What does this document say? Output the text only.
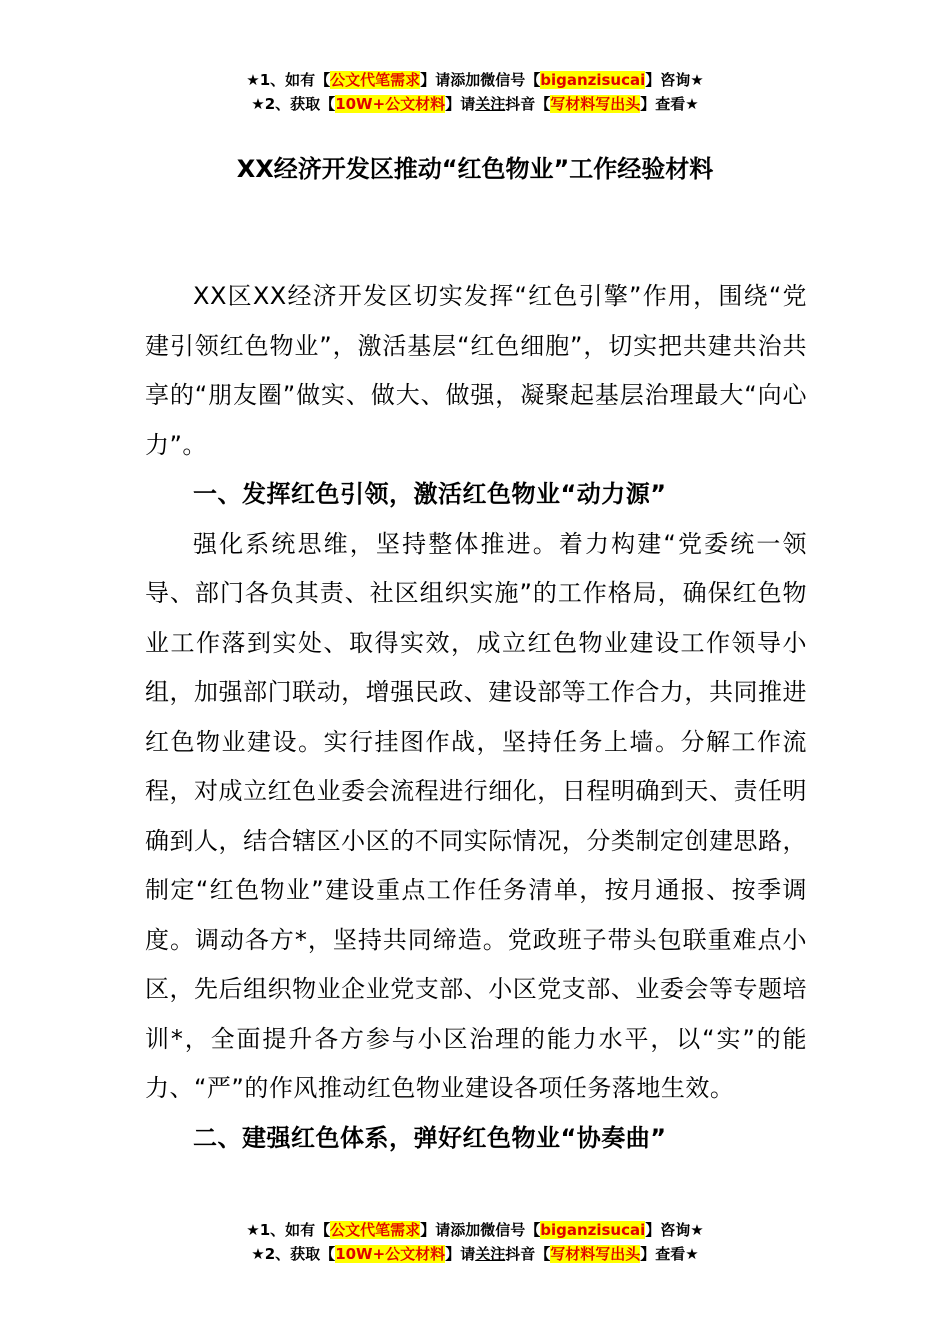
★1、如有【公文代笔需求】请添加微信号【biganzisucai】咨询★
★2、获取【10W+公文材料】请关注抖音【写材料写出头】查看★
XX经济开发区推动“红色物业”工作经验材料

XX区XX经济开发区切实发挥“红色引擎”作用，围绕“党建引领红色物业”，激活基层“红色细胞”，切实把共建共治共享的“朋友圈”做实、做大、做强，凝聚起基层治理最大“向心力”。

一、发挥红色引领，激活红色物业“动力源”

强化系统思维，坚持整体推进。着力构建“党委统一领导、部门各负其责、社区组织实施”的工作格局，确保红色物业工作落到实处、取得实效，成立红色物业建设工作领导小组，加强部门联动，增强民政、建设部等工作合力，共同推进红色物业建设。实行挂图作战，坚持任务上墙。分解工作流程，对成立红色业委会流程进行细化，日程明确到天、责任明确到人，结合辖区小区的不同实际情况，分类制定创建思路，制定“红色物业”建设重点工作任务清单，按月通报、按季调度。调动各方*，坚持共同缔造。党政班子带头包联重难点小区，先后组织物业企业党支部、小区党支部、业委会等专题培训*，全面提升各方参与小区治理的能力水平，以“实”的能力、“严”的作风推动红色物业建设各项任务落地生效。

二、建强红色体系，弹好红色物业“协奏曲”

★1、如有【公文代笔需求】请添加微信号【biganzisucai】咨询★
★2、获取【10W+公文材料】请关注抖音【写材料写出头】查看★
